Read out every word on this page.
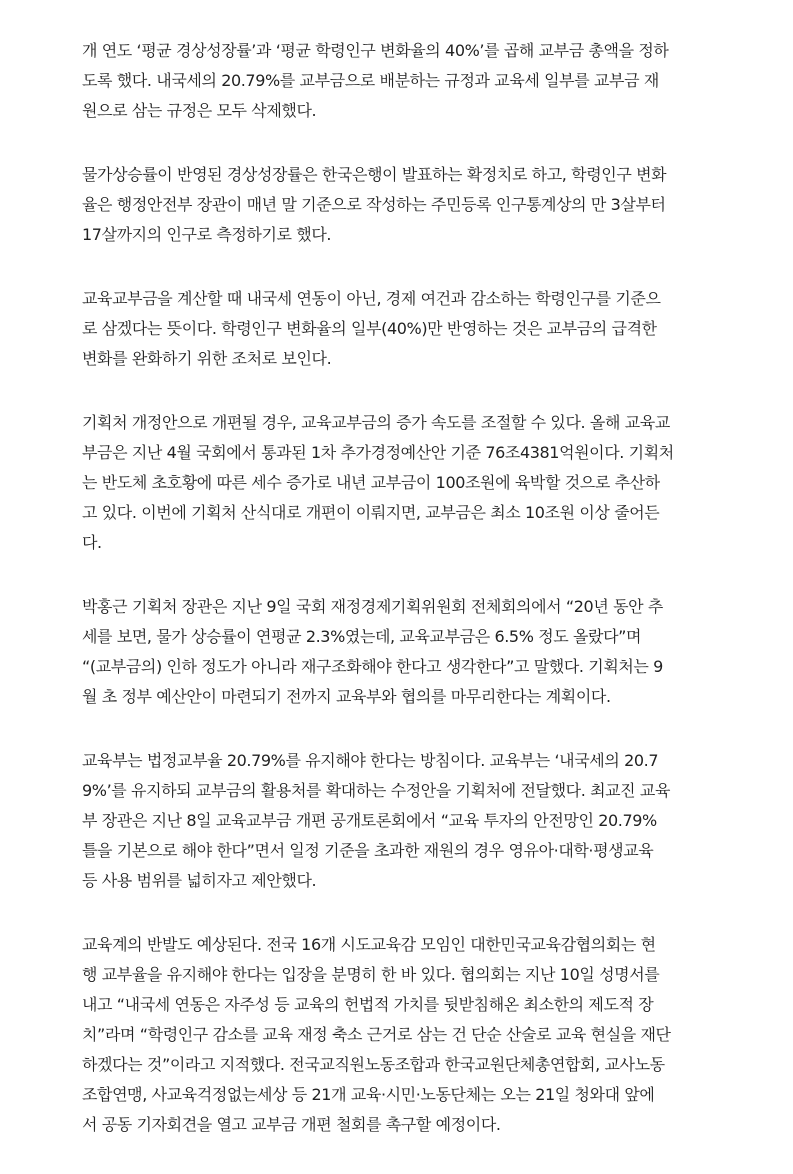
개 연도 ‘평균 경상성장률’과 ‘평균 학령인구 변화율의 40%’를 곱해 교부금 총액을 정하
도록 했다. 내국세의 20.79%를 교부금으로 배분하는 규정과 교육세 일부를 교부금 재
원으로 삼는 규정은 모두 삭제했다.

물가상승률이 반영된 경상성장률은 한국은행이 발표하는 확정치로 하고, 학령인구 변화
율은 행정안전부 장관이 매년 말 기준으로 작성하는 주민등록 인구통계상의 만 3살부터
17살까지의 인구로 측정하기로 했다.

교육교부금을 계산할 때 내국세 연동이 아닌, 경제 여건과 감소하는 학령인구를 기준으
로 삼겠다는 뜻이다. 학령인구 변화율의 일부(40%)만 반영하는 것은 교부금의 급격한
변화를 완화하기 위한 조처로 보인다.

기획처 개정안으로 개편될 경우, 교육교부금의 증가 속도를 조절할 수 있다. 올해 교육교
부금은 지난 4월 국회에서 통과된 1차 추가경정예산안 기준 76조4381억원이다. 기획처
는 반도체 초호황에 따른 세수 증가로 내년 교부금이 100조원에 육박할 것으로 추산하
고 있다. 이번에 기획처 산식대로 개편이 이뤄지면, 교부금은 최소 10조원 이상 줄어든
다.

박홍근 기획처 장관은 지난 9일 국회 재정경제기획위원회 전체회의에서 “20년 동안 추
세를 보면, 물가 상승률이 연평균 2.3%였는데, 교육교부금은 6.5% 정도 올랐다”며
“(교부금의) 인하 정도가 아니라 재구조화해야 한다고 생각한다”고 말했다. 기획처는 9
월 초 정부 예산안이 마련되기 전까지 교육부와 협의를 마무리한다는 계획이다.

교육부는 법정교부율 20.79%를 유지해야 한다는 방침이다. 교육부는 ‘내국세의 20.7
9%’를 유지하되 교부금의 활용처를 확대하는 수정안을 기획처에 전달했다. 최교진 교육
부 장관은 지난 8일 교육교부금 개편 공개토론회에서 “교육 투자의 안전망인 20.79%
틀을 기본으로 해야 한다”면서 일정 기준을 초과한 재원의 경우 영유아·대학·평생교육
등 사용 범위를 넓히자고 제안했다.

교육계의 반발도 예상된다. 전국 16개 시도교육감 모임인 대한민국교육감협의회는 현
행 교부율을 유지해야 한다는 입장을 분명히 한 바 있다. 협의회는 지난 10일 성명서를
내고 “내국세 연동은 자주성 등 교육의 헌법적 가치를 뒷받침해온 최소한의 제도적 장
치”라며 “학령인구 감소를 교육 재정 축소 근거로 삼는 건 단순 산술로 교육 현실을 재단
하겠다는 것”이라고 지적했다. 전국교직원노동조합과 한국교원단체총연합회, 교사노동
조합연맹, 사교육걱정없는세상 등 21개 교육·시민·노동단체는 오는 21일 청와대 앞에
서 공동 기자회견을 열고 교부금 개편 철회를 촉구할 예정이다.
